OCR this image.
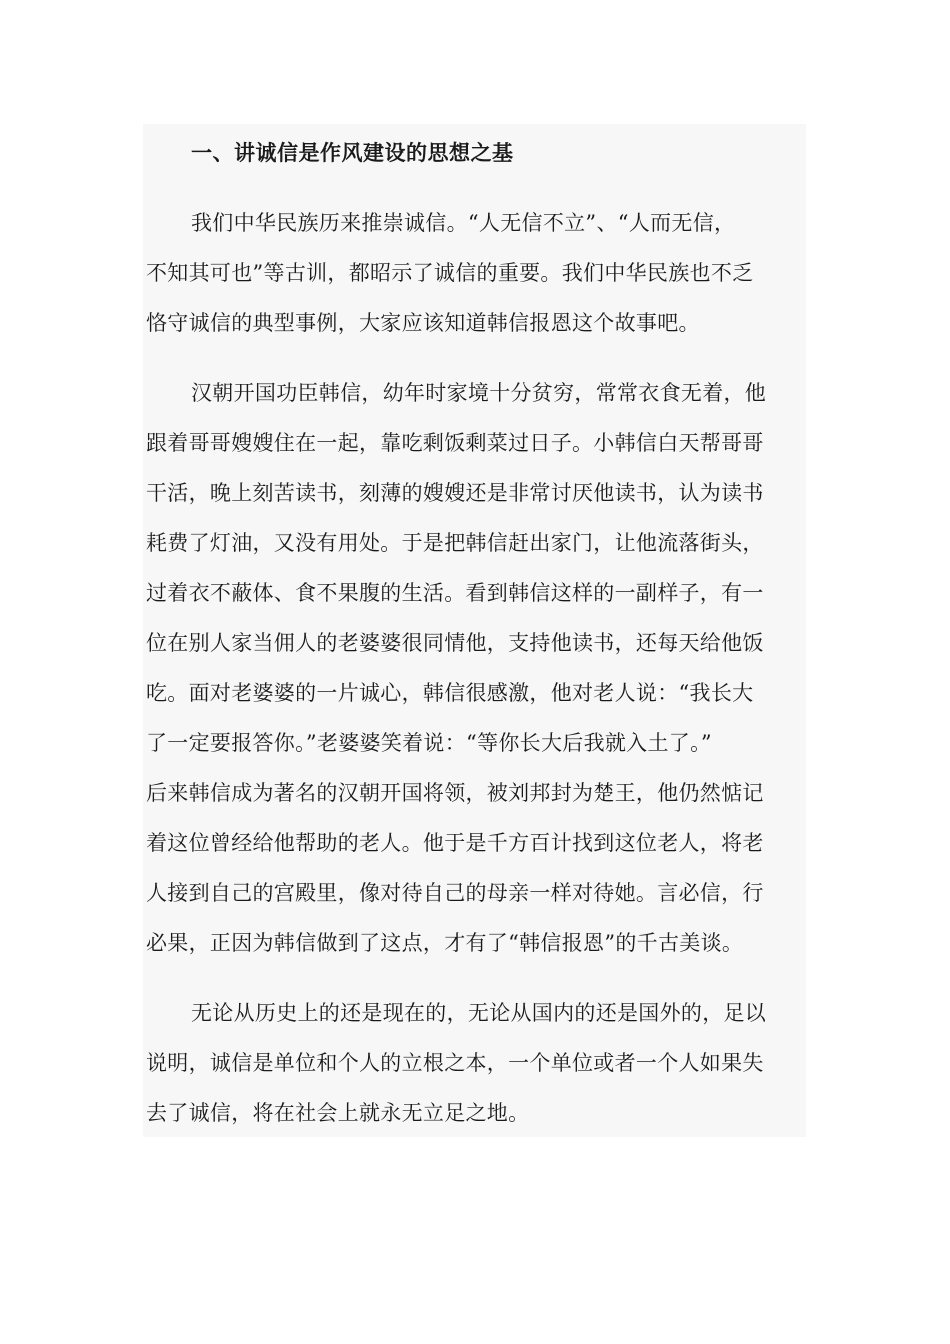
一、讲诚信是作风建设的思想之基

我们中华民族历来推崇诚信。“人无信不立”、“人而无信，

不知其可也”等古训，都昭示了诚信的重要。我们中华民族也不乏

恪守诚信的典型事例，大家应该知道韩信报恩这个故事吧。

汉朝开国功臣韩信，幼年时家境十分贫穷，常常衣食无着，他

跟着哥哥嫂嫂住在一起，靠吃剩饭剩菜过日子。小韩信白天帮哥哥

干活，晚上刻苦读书，刻薄的嫂嫂还是非常讨厌他读书，认为读书

耗费了灯油，又没有用处。于是把韩信赶出家门，让他流落街头，

过着衣不蔽体、食不果腹的生活。看到韩信这样的一副样子，有一

位在别人家当佣人的老婆婆很同情他，支持他读书，还每天给他饭

吃。面对老婆婆的一片诚心，韩信很感激，他对老人说：“我长大

了一定要报答你。”老婆婆笑着说：“等你长大后我就入土了。”

后来韩信成为著名的汉朝开国将领，被刘邦封为楚王，他仍然惦记

着这位曾经给他帮助的老人。他于是千方百计找到这位老人，将老

人接到自己的宫殿里，像对待自己的母亲一样对待她。言必信，行

必果，正因为韩信做到了这点，才有了“韩信报恩”的千古美谈。

无论从历史上的还是现在的，无论从国内的还是国外的，足以

说明，诚信是单位和个人的立根之本，一个单位或者一个人如果失

去了诚信，将在社会上就永无立足之地。
